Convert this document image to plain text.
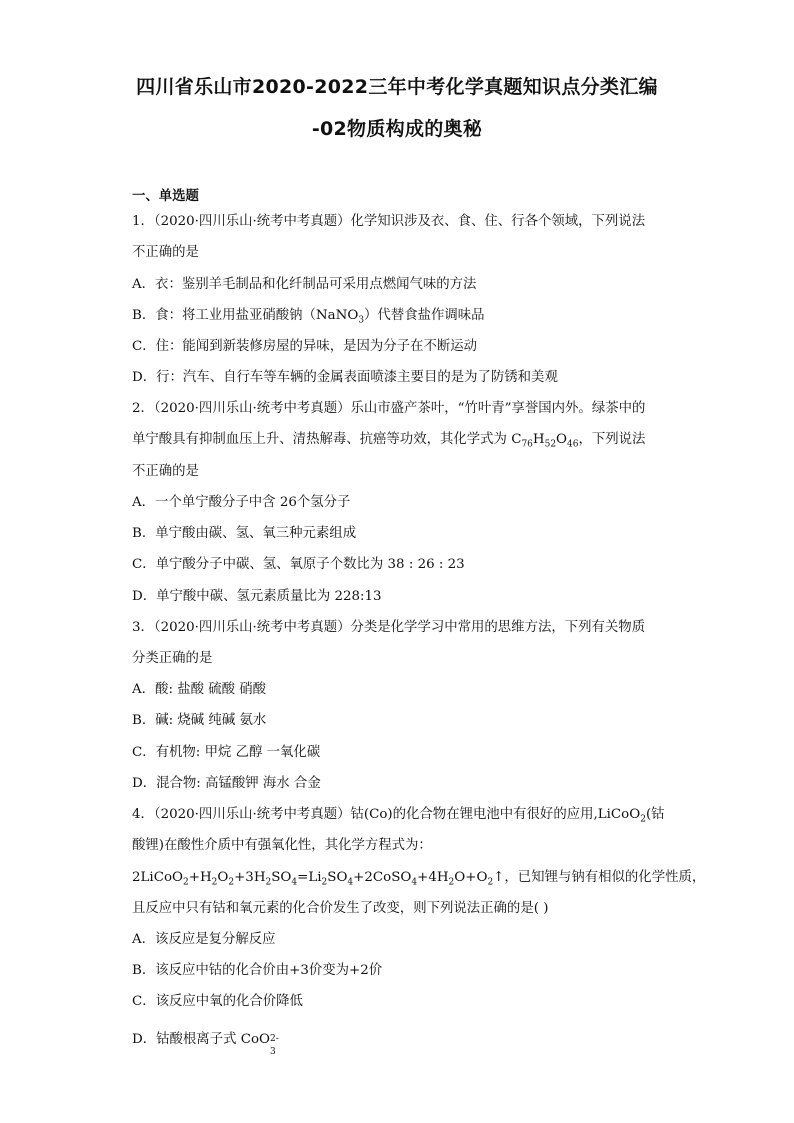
四川省乐山市2020-2022三年中考化学真题知识点分类汇编
-02物质构成的奥秘
一、单选题
1．（2020·四川乐山·统考中考真题）化学知识涉及衣、食、住、行各个领域，下列说法
不正确的是
A．衣：鉴别羊毛制品和化纤制品可采用点燃闻气味的方法
B．食：将工业用盐亚硝酸钠（NaNO$_3$）代替食盐作调味品
C．住：能闻到新装修房屋的异味，是因为分子在不断运动
D．行：汽车、自行车等车辆的金属表面喷漆主要目的是为了防锈和美观
2．（2020·四川乐山·统考中考真题）乐山市盛产茶叶，“竹叶青”享誉国内外。绿茶中的
单宁酸具有抑制血压上升、清热解毒、抗癌等功效，其化学式为 $C_{76}H_{52}O_{46}$，下列说法
不正确的是
A．一个单宁酸分子中含 26个氢分子
B．单宁酸由碳、氢、氧三种元素组成
C．单宁酸分子中碳、氢、氧原子个数比为 38 : 26 : 23
D．单宁酸中碳、氢元素质量比为 228:13
3．（2020·四川乐山·统考中考真题）分类是化学学习中常用的思维方法，下列有关物质
分类正确的是
A．酸: 盐酸 硫酸 硝酸
B．碱: 烧碱 纯碱 氨水
C．有机物: 甲烷 乙醇 一氧化碳
D．混合物: 高锰酸钾 海水 合金
4．（2020·四川乐山·统考中考真题）钴(Co)的化合物在锂电池中有很好的应用,LiCoO$_2$(钴
酸锂)在酸性介质中有强氧化性，其化学方程式为：
$2LiCoO_2+H_2O_2+3H_2SO_4=Li_2SO_4+2CoSO_4+4H_2O+O_2↑$，已知锂与钠有相似的化学性质，
且反应中只有钴和氧元素的化合价发生了改变，则下列说法正确的是( )
A．该反应是复分解反应
B．该反应中钴的化合价由+3价变为+2价
C．该反应中氧的化合价降低
D．钴酸根离子式 CoO 2-
3
